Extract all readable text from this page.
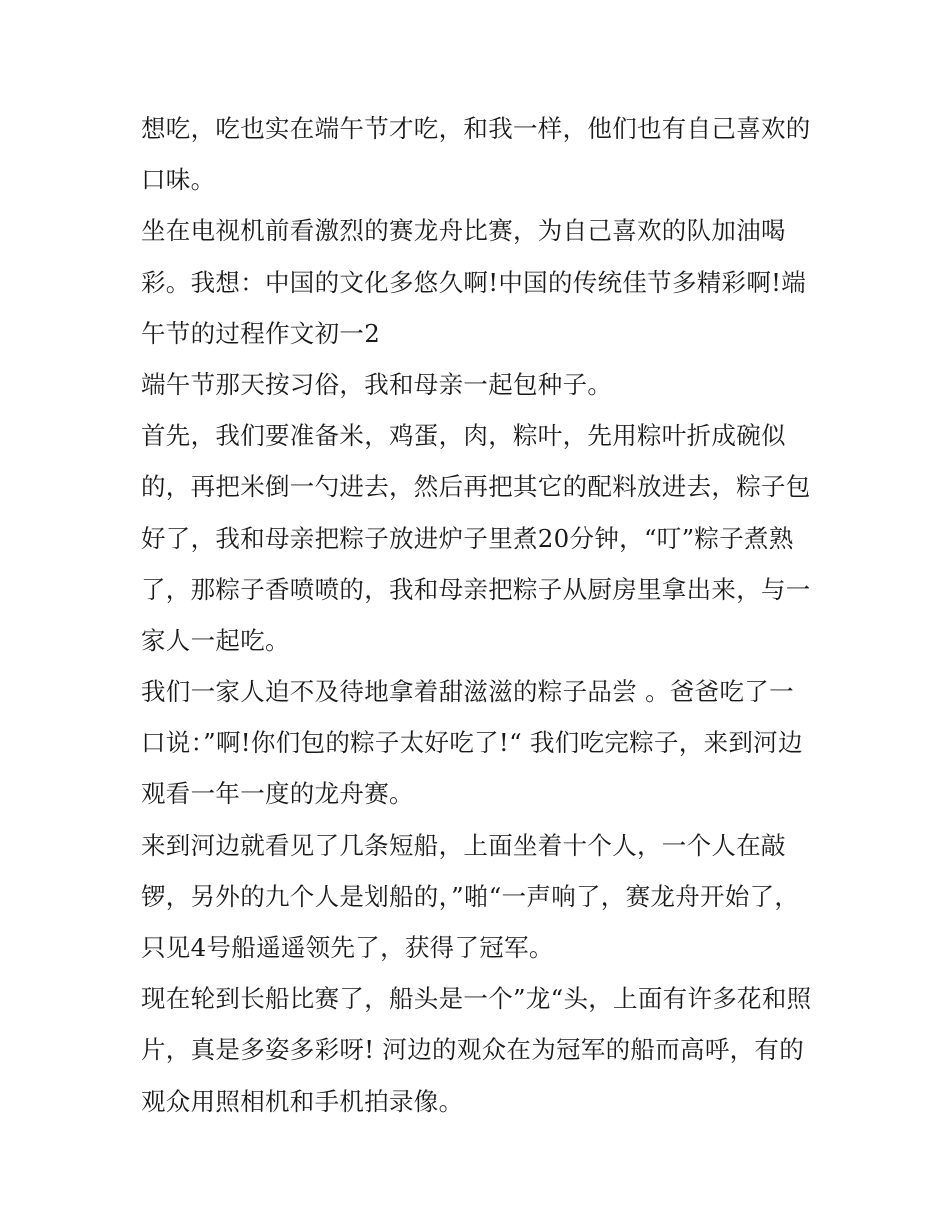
想吃，吃也实在端午节才吃，和我一样，他们也有自己喜欢的
口味。

坐在电视机前看激烈的赛龙舟比赛，为自己喜欢的队加油喝
彩。我想：中国的文化多悠久啊!中国的传统佳节多精彩啊!端
午节的过程作文初一2

端午节那天按习俗，我和母亲一起包种子。

首先，我们要准备米，鸡蛋，肉，粽叶，先用粽叶折成碗似
的，再把米倒一勺进去，然后再把其它的配料放进去，粽子包
好了，我和母亲把粽子放进炉子里煮20分钟，“叮”粽子煮熟
了，那粽子香喷喷的，我和母亲把粽子从厨房里拿出来，与一
家人一起吃。

我们一家人迫不及待地拿着甜滋滋的粽子品尝 。爸爸吃了一
口说：”啊!你们包的粽子太好吃了!“ 我们吃完粽子，来到河边
观看一年一度的龙舟赛。

来到河边就看见了几条短船，上面坐着十个人，一个人在敲
锣，另外的九个人是划船的，”啪“一声响了，赛龙舟开始了，
只见4号船遥遥领先了，获得了冠军。

现在轮到长船比赛了，船头是一个”龙“头，上面有许多花和照
片，真是多姿多彩呀! 河边的观众在为冠军的船而高呼，有的
观众用照相机和手机拍录像。
